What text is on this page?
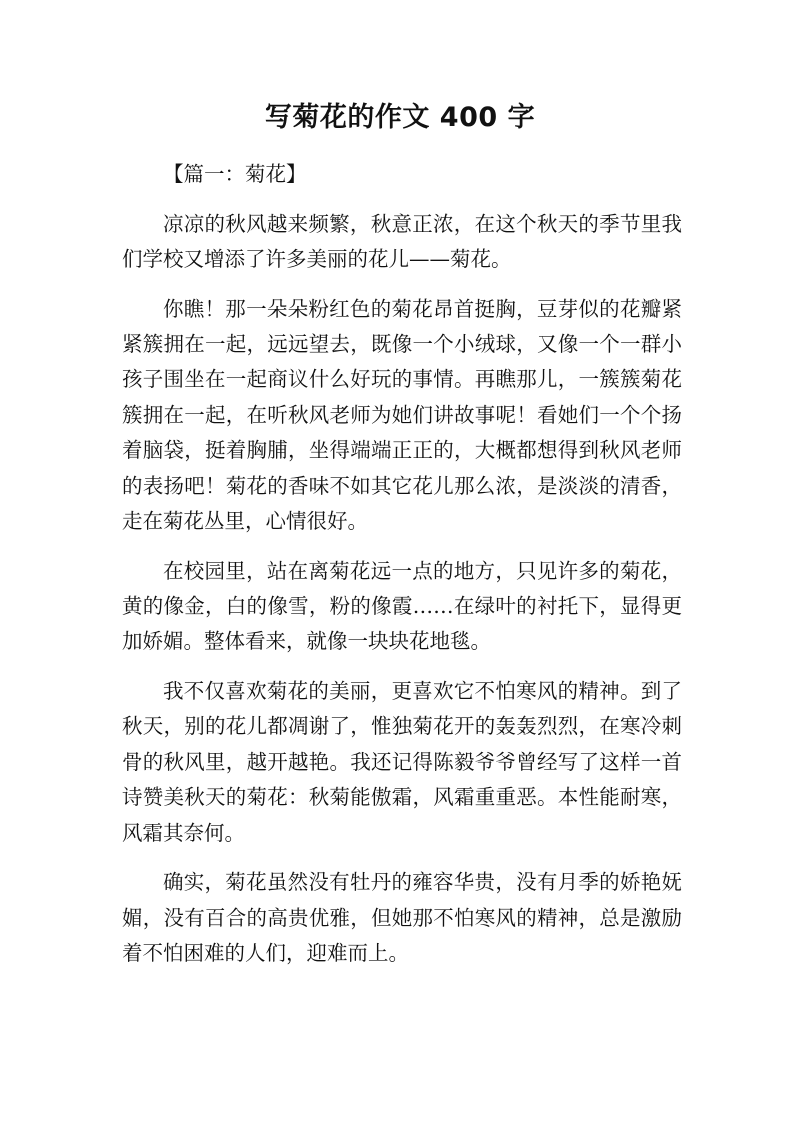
写菊花的作文 400 字

【篇一：菊花】

凉凉的秋风越来频繁，秋意正浓，在这个秋天的季节里我们学校又增添了许多美丽的花儿——菊花。

你瞧！那一朵朵粉红色的菊花昂首挺胸，豆芽似的花瓣紧紧簇拥在一起，远远望去，既像一个小绒球，又像一个一群小孩子围坐在一起商议什么好玩的事情。再瞧那儿，一簇簇菊花簇拥在一起，在听秋风老师为她们讲故事呢！看她们一个个扬着脑袋，挺着胸脯，坐得端端正正的，大概都想得到秋风老师的表扬吧！菊花的香味不如其它花儿那么浓，是淡淡的清香，走在菊花丛里，心情很好。

在校园里，站在离菊花远一点的地方，只见许多的菊花，黄的像金，白的像雪，粉的像霞……在绿叶的衬托下，显得更加娇媚。整体看来，就像一块块花地毯。

我不仅喜欢菊花的美丽，更喜欢它不怕寒风的精神。到了秋天，别的花儿都凋谢了，惟独菊花开的轰轰烈烈，在寒冷刺骨的秋风里，越开越艳。我还记得陈毅爷爷曾经写了这样一首诗赞美秋天的菊花：秋菊能傲霜，风霜重重恶。本性能耐寒，风霜其奈何。

确实，菊花虽然没有牡丹的雍容华贵，没有月季的娇艳妩媚，没有百合的高贵优雅，但她那不怕寒风的精神，总是激励着不怕困难的人们，迎难而上。
